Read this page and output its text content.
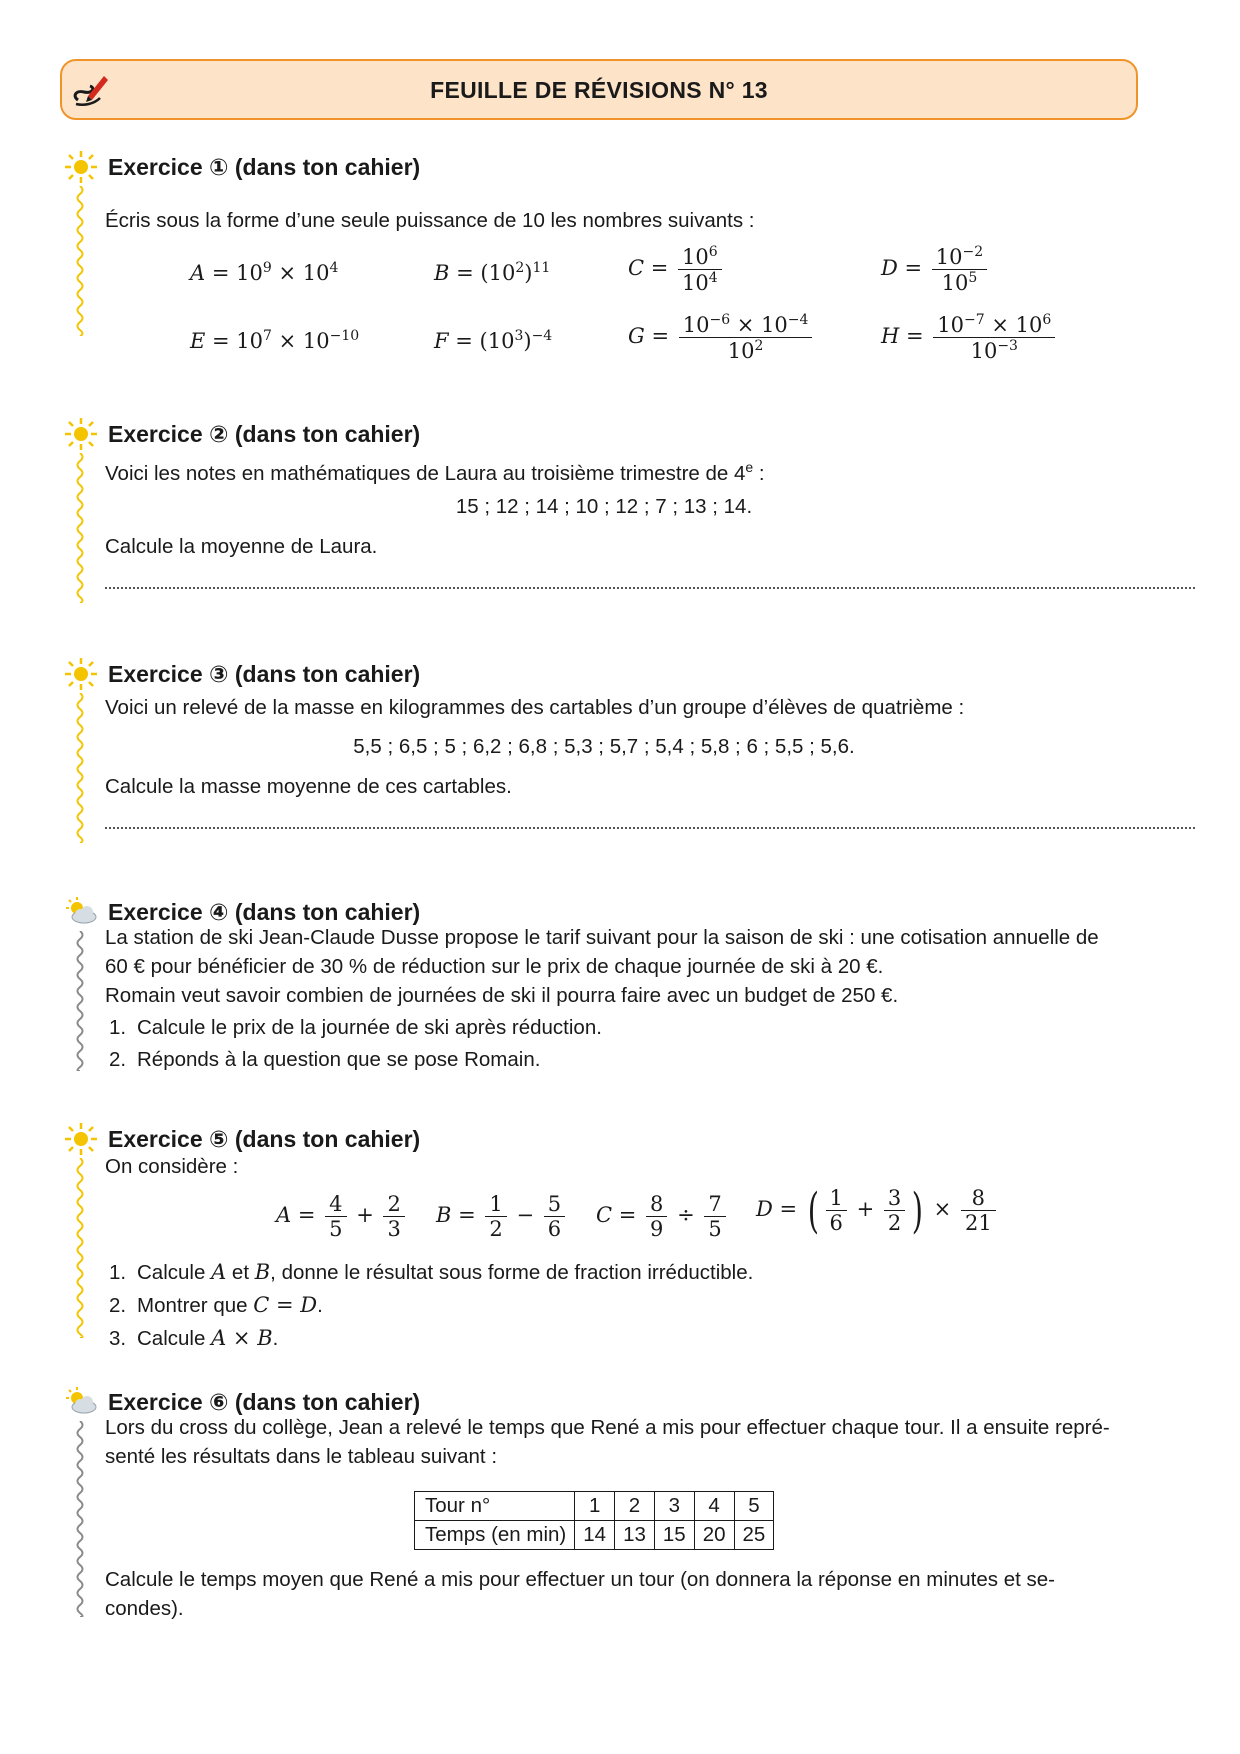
FEUILLE DE RÉVISIONS N° 13
Exercice ① (dans ton cahier)
Écris sous la forme d’une seule puissance de 10 les nombres suivants :
$A = 10^9 \times 10^4$	$B = (10^2)^{11}$	$C = \frac{10^6}{10^4}$	$D = \frac{10^{-2}}{10^5}$
$E = 10^7 \times 10^{-10}$	$F = (10^3)^{-4}$	$G = \frac{10^{-6} \times 10^{-4}}{10^2}$	$H = \frac{10^{-7} \times 10^6}{10^{-3}}$
Exercice ② (dans ton cahier)
Voici les notes en mathématiques de Laura au troisième trimestre de 4e :
15 ; 12 ; 14 ; 10 ; 12 ; 7 ; 13 ; 14.
Calcule la moyenne de Laura.
Exercice ③ (dans ton cahier)
Voici un relevé de la masse en kilogrammes des cartables d’un groupe d’élèves de quatrième :
5,5 ; 6,5 ; 5 ; 6,2 ; 6,8 ; 5,3 ; 5,7 ; 5,4 ; 5,8 ; 6 ; 5,5 ; 5,6.
Calcule la masse moyenne de ces cartables.
Exercice ④ (dans ton cahier)
La station de ski Jean-Claude Dusse propose le tarif suivant pour la saison de ski : une cotisation annuelle de
60 € pour bénéficier de 30 % de réduction sur le prix de chaque journée de ski à 20 €.
Romain veut savoir combien de journées de ski il pourra faire avec un budget de 250 €.
1. Calcule le prix de la journée de ski après réduction.
2. Réponds à la question que se pose Romain.
Exercice ⑤ (dans ton cahier)
On considère :
$A = \frac{4}{5} + \frac{2}{3}$ $B = \frac{1}{2} - \frac{5}{6}$ $C = \frac{8}{9} \div \frac{7}{5}$ D = ( $\frac{1}{6} + \frac{3}{2}$ ) × $\frac{8}{21}$
1. Calcule A et B, donne le résultat sous forme de fraction irréductible.
2. Montrer que C = D.
3. Calcule A × B.
Exercice ⑥ (dans ton cahier)
Lors du cross du collège, Jean a relevé le temps que René a mis pour effectuer chaque tour. Il a ensuite repré-
senté les résultats dans le tableau suivant :
Tour n°	1	2	3	4	5
Temps (en min)	14	13	15	20	25
Calcule le temps moyen que René a mis pour effectuer un tour (on donnera la réponse en minutes et se-
condes).
